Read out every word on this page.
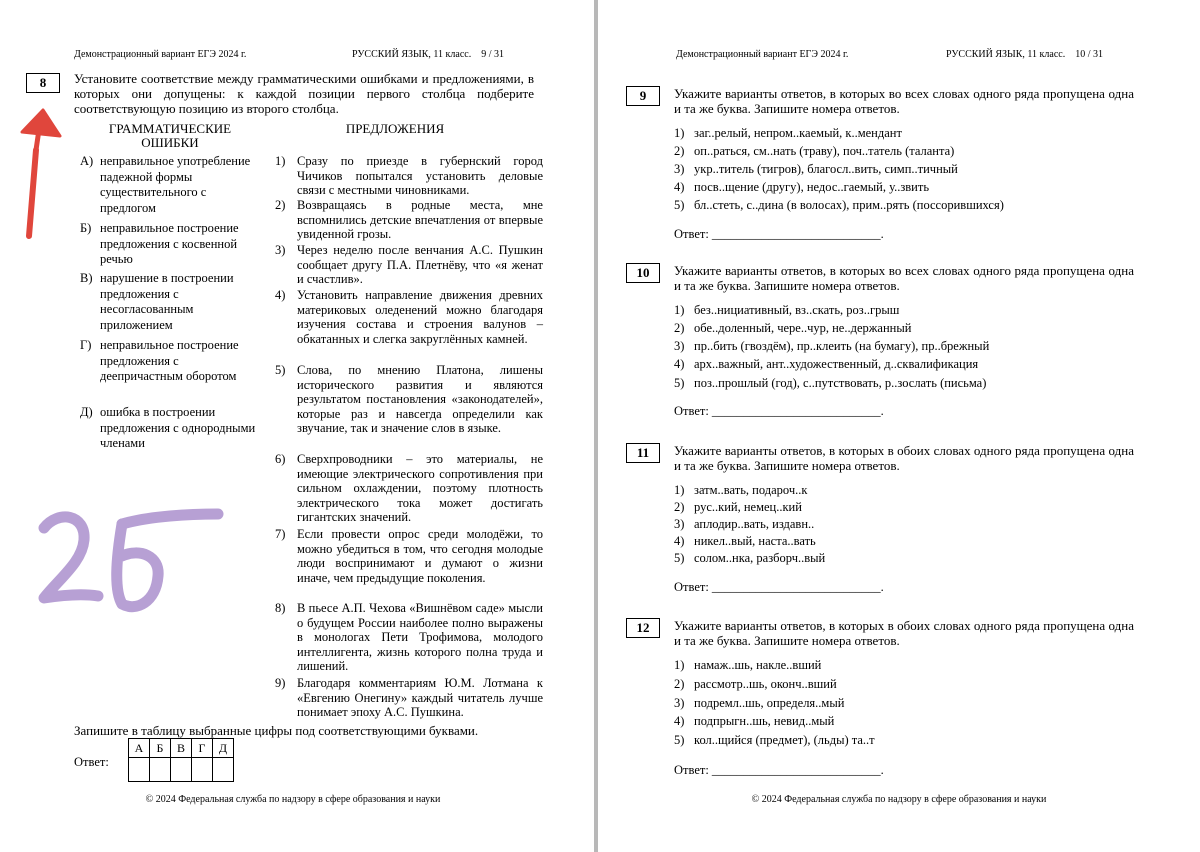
Демонстрационный вариант ЕГЭ 2024 г.	РУССКИЙ ЯЗЫК, 11 класс.    9 / 31
8	Установите соответствие между грамматическими ошибками и предложениями, в которых они допущены: к каждой позиции первого столбца подберите соответствующую позицию из второго столбца.
ГРАММАТИЧЕСКИЕ ОШИБКИ
ПРЕДЛОЖЕНИЯ
А) неправильное употребление падежной формы существительного с предлогом
Б) неправильное построение предложения с косвенной речью
В) нарушение в построении предложения с несогласованным приложением
Г) неправильное построение предложения с деепричастным оборотом
Д) ошибка в построении предложения с однородными членами
1) Сразу по приезде в губернский город Чичиков попытался установить деловые связи с местными чиновниками.
2) Возвращаясь в родные места, мне вспомнились детские впечатления от впервые увиденной грозы.
3) Через неделю после венчания А.С. Пушкин сообщает другу П.А. Плетнёву, что «я женат и счастлив».
4) Установить направление движения древних материковых оледенений можно благодаря изучения состава и строения валунов – обкатанных и слегка закруглённых камней.
5) Слова, по мнению Платона, лишены исторического развития и являются результатом постановления «законодателей», которые раз и навсегда определили как звучание, так и значение слов в языке.
6) Сверхпроводники – это материалы, не имеющие электрического сопротивления при сильном охлаждении, поэтому плотность электрического тока может достигать гигантских значений.
7) Если провести опрос среди молодёжи, то можно убедиться в том, что сегодня молодые люди воспринимают и думают о жизни иначе, чем предыдущие поколения.
8) В пьесе А.П. Чехова «Вишнёвом саде» мысли о будущем России наиболее полно выражены в монологах Пети Трофимова, молодого интеллигента, жизнь которого полна труда и лишений.
9) Благодаря комментариям Ю.М. Лотмана к «Евгению Онегину» каждый читатель лучше понимает эпоху А.С. Пушкина.
Запишите в таблицу выбранные цифры под соответствующими буквами.
Ответ:
А	Б	В	Г	Д

© 2024 Федеральная служба по надзору в сфере образования и науки
Демонстрационный вариант ЕГЭ 2024 г.	РУССКИЙ ЯЗЫК, 11 класс.    10 / 31
9	Укажите варианты ответов, в которых во всех словах одного ряда пропущена одна и та же буква. Запишите номера ответов.
1) заг..релый, непром..каемый, к..мендант
2) оп..раться, см..нать (траву), поч..татель (таланта)
3) укр..титель (тигров), благосл..вить, симп..тичный
4) посв..щение (другу), недос..гаемый, у..звить
5) бл..стеть, с..дина (в волосах), прим..рять (поссорившихся)
Ответ: ___________________________.
10	Укажите варианты ответов, в которых во всех словах одного ряда пропущена одна и та же буква. Запишите номера ответов.
1) без..нициативный, вз..скать, роз..грыш
2) обе..доленный, чере..чур, не..держанный
3) пр..бить (гвоздём), пр..клеить (на бумагу), пр..брежный
4) арх..важный, ант..художественный, д..сквалификация
5) поз..прошлый (год), с..путствовать, р..зослать (письма)
Ответ: ___________________________.
11	Укажите варианты ответов, в которых в обоих словах одного ряда пропущена одна и та же буква. Запишите номера ответов.
1) затм..вать, подароч..к
2) рус..кий, немец..кий
3) аплодир..вать, издавн..
4) никел..вый, наста..вать
5) солом..нка, разборч..вый
Ответ: ___________________________.
12	Укажите варианты ответов, в которых в обоих словах одного ряда пропущена одна и та же буква. Запишите номера ответов.
1) намаж..шь, накле..вший
2) рассмотр..шь, оконч..вший
3) подремл..шь, определя..мый
4) подпрыгн..шь, невид..мый
5) кол..щийся (предмет), (льды) та..т
Ответ: ___________________________.
© 2024 Федеральная служба по надзору в сфере образования и науки
